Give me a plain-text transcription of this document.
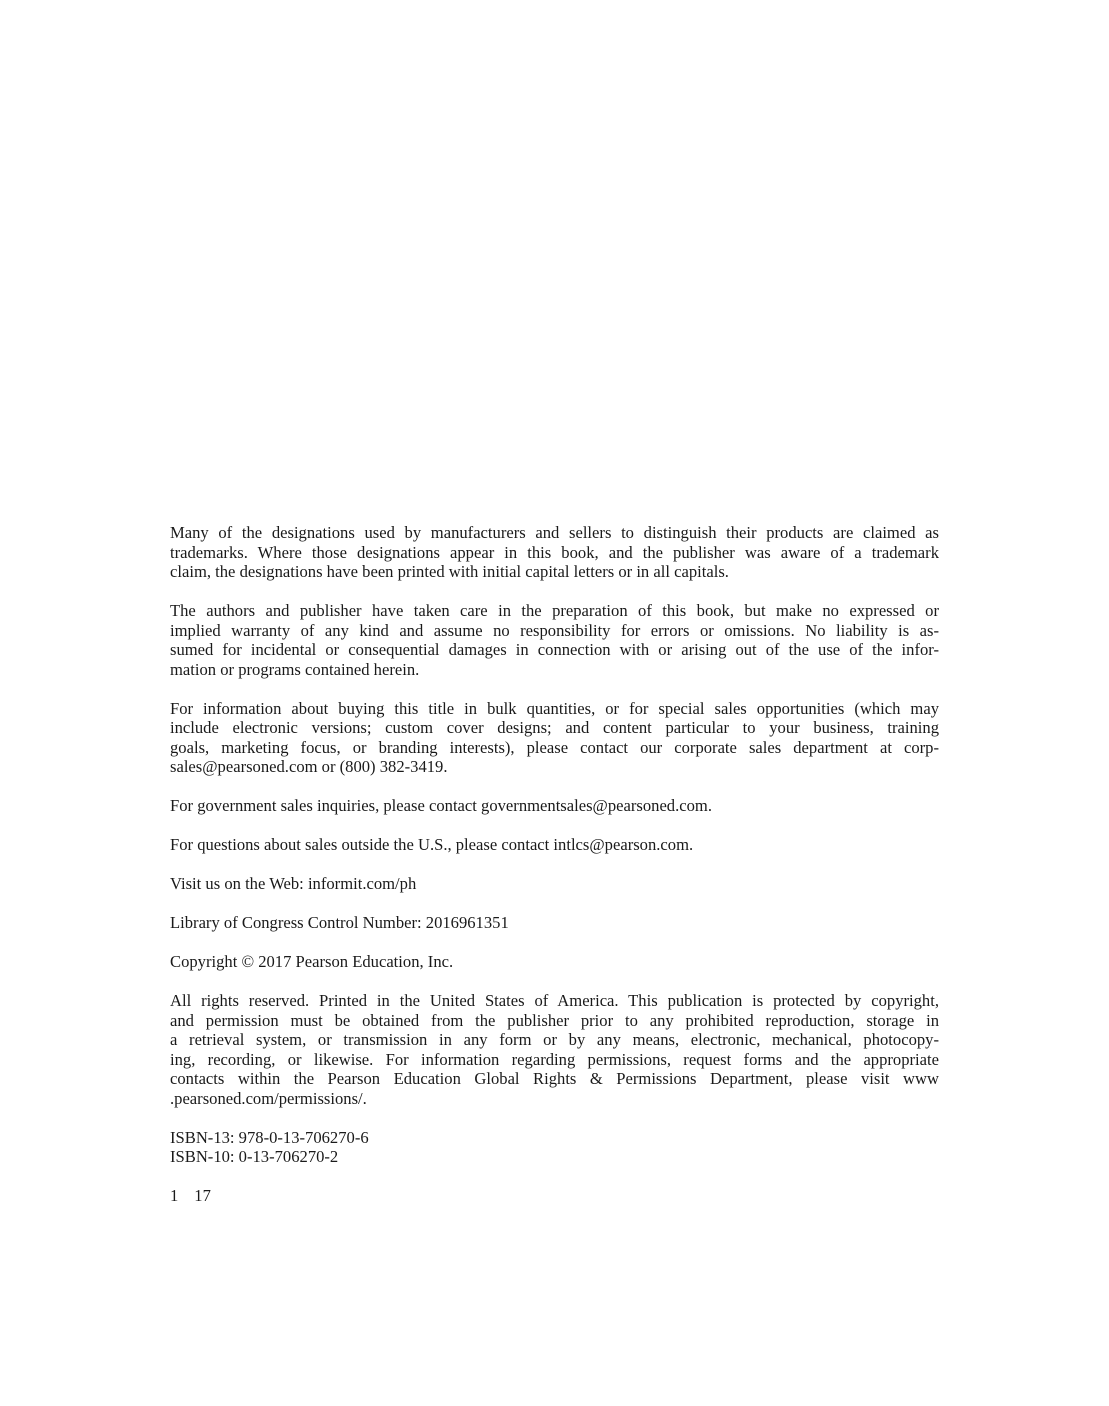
Many of the designations used by manufacturers and sellers to distinguish their products are claimed as
trademarks. Where those designations appear in this book, and the publisher was aware of a trademark
claim, the designations have been printed with initial capital letters or in all capitals.

The authors and publisher have taken care in the preparation of this book, but make no expressed or
implied warranty of any kind and assume no responsibility for errors or omissions. No liability is as-
sumed for incidental or consequential damages in connection with or arising out of the use of the infor-
mation or programs contained herein.

For information about buying this title in bulk quantities, or for special sales opportunities (which may
include electronic versions; custom cover designs; and content particular to your business, training
goals, marketing focus, or branding interests), please contact our corporate sales department at corp-
sales@pearsoned.com or (800) 382-3419.

For government sales inquiries, please contact governmentsales@pearsoned.com.

For questions about sales outside the U.S., please contact intlcs@pearson.com.

Visit us on the Web: informit.com/ph

Library of Congress Control Number: 2016961351

Copyright © 2017 Pearson Education, Inc.

All rights reserved. Printed in the United States of America. This publication is protected by copyright,
and permission must be obtained from the publisher prior to any prohibited reproduction, storage in
a retrieval system, or transmission in any form or by any means, electronic, mechanical, photocopy-
ing, recording, or likewise. For information regarding permissions, request forms and the appropriate
contacts within the Pearson Education Global Rights & Permissions Department, please visit www
.pearsoned.com/permissions/.

ISBN-13: 978-0-13-706270-6

ISBN-10: 0-13-706270-2

1 17
